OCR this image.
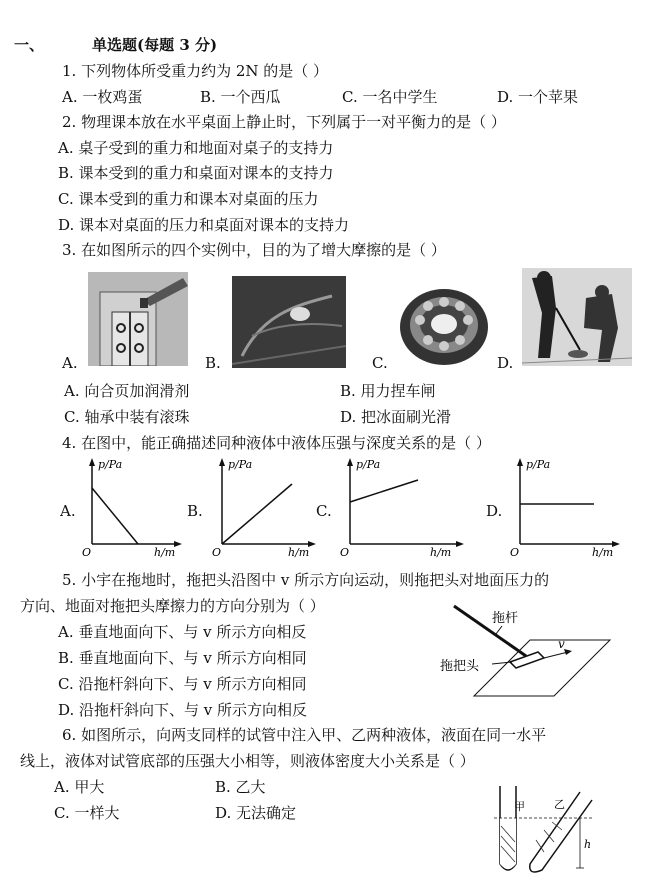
一、	单选题(每题 3 分)
1. 下列物体所受重力约为 2N 的是（ ）
A. 一枚鸡蛋	B. 一个西瓜	C. 一名中学生	D. 一个苹果
2. 物理课本放在水平桌面上静止时，下列属于一对平衡力的是（ ）
A. 桌子受到的重力和地面对桌子的支持力
B. 课本受到的重力和桌面对课本的支持力
C. 课本受到的重力和课本对桌面的压力
D. 课本对桌面的压力和桌面对课本的支持力
3. 在如图所示的四个实例中，目的为了增大摩擦的是（ ）
A.	B.	C.	D.
A. 向合页加润滑剂	B. 用力捏车闸
C. 轴承中装有滚珠	D. 把冰面刷光滑
4. 在图中，能正确描述同种液体中液体压强与深度关系的是（ ）
A.
p/Pa
O	h/m
B.
p/Pa
O	h/m
C.
p/Pa
O	h/m
D.
p/Pa
O	h/m
5. 小宇在拖地时，拖把头沿图中 v 所示方向运动，则拖把头对地面压力的
方向、地面对拖把头摩擦力的方向分别为（ ）
A. 垂直地面向下、与 v 所示方向相反
B. 垂直地面向下、与 v 所示方向相同
C. 沿拖杆斜向下、与 v 所示方向相同
D. 沿拖杆斜向下、与 v 所示方向相反
v
拖杆
拖把头
6. 如图所示，向两支同样的试管中注入甲、乙两种液体，液面在同一水平
线上，液体对试管底部的压强大小相等，则液体密度大小关系是（ ）
A. 甲大	B. 乙大
C. 一样大	D. 无法确定	甲	乙
h
